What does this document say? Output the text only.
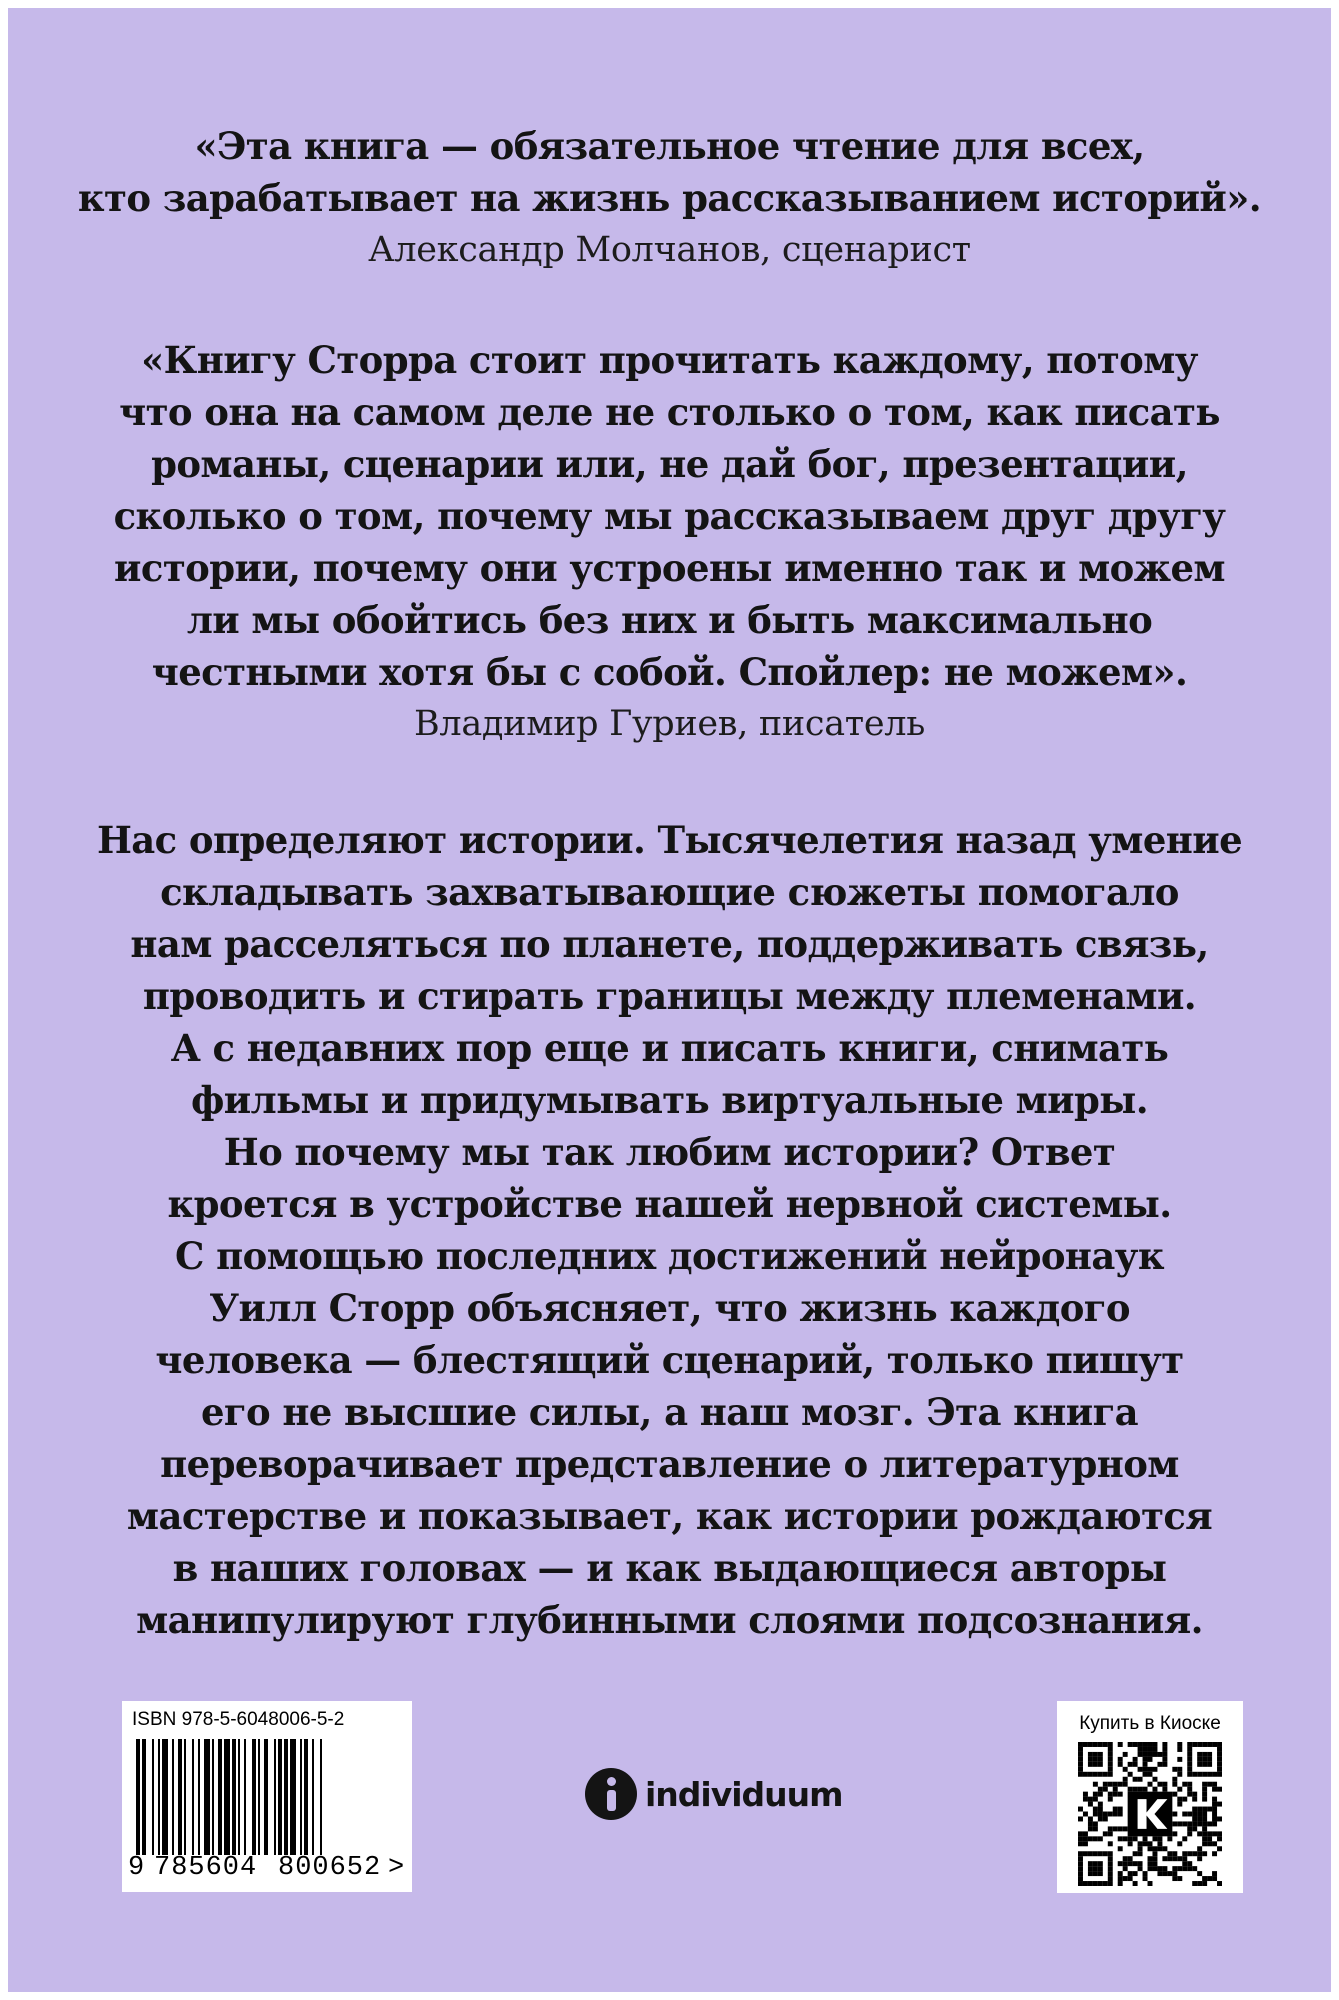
«Эта книга — обязательное чтение для всех,
кто зарабатывает на жизнь рассказыванием историй».
Александр Молчанов, сценарист
«Книгу Сторра стоит прочитать каждому, потому
что она на самом деле не столько о том, как писать
романы, сценарии или, не дай бог, презентации,
сколько о том, почему мы рассказываем друг другу
истории, почему они устроены именно так и можем
ли мы обойтись без них и быть максимально
честными хотя бы с собой. Спойлер: не можем».
Владимир Гуриев, писатель
Нас определяют истории. Тысячелетия назад умение
складывать захватывающие сюжеты помогало
нам расселяться по планете, поддерживать связь,
проводить и стирать границы между племенами.
А с недавних пор еще и писать книги, снимать
фильмы и придумывать виртуальные миры.
Но почему мы так любим истории? Ответ
кроется в устройстве нашей нервной системы.
С помощью последних достижений нейронаук
Уилл Сторр объясняет, что жизнь каждого
человека — блестящий сценарий, только пишут
его не высшие силы, а наш мозг. Эта книга
переворачивает представление о литературном
мастерстве и показывает, как истории рождаются
в наших головах — и как выдающиеся авторы
манипулируют глубинными слоями подсознания.
ISBN 978-5-6048006-5-2
9 785604 800652 >
individuum
Купить в Киоске
